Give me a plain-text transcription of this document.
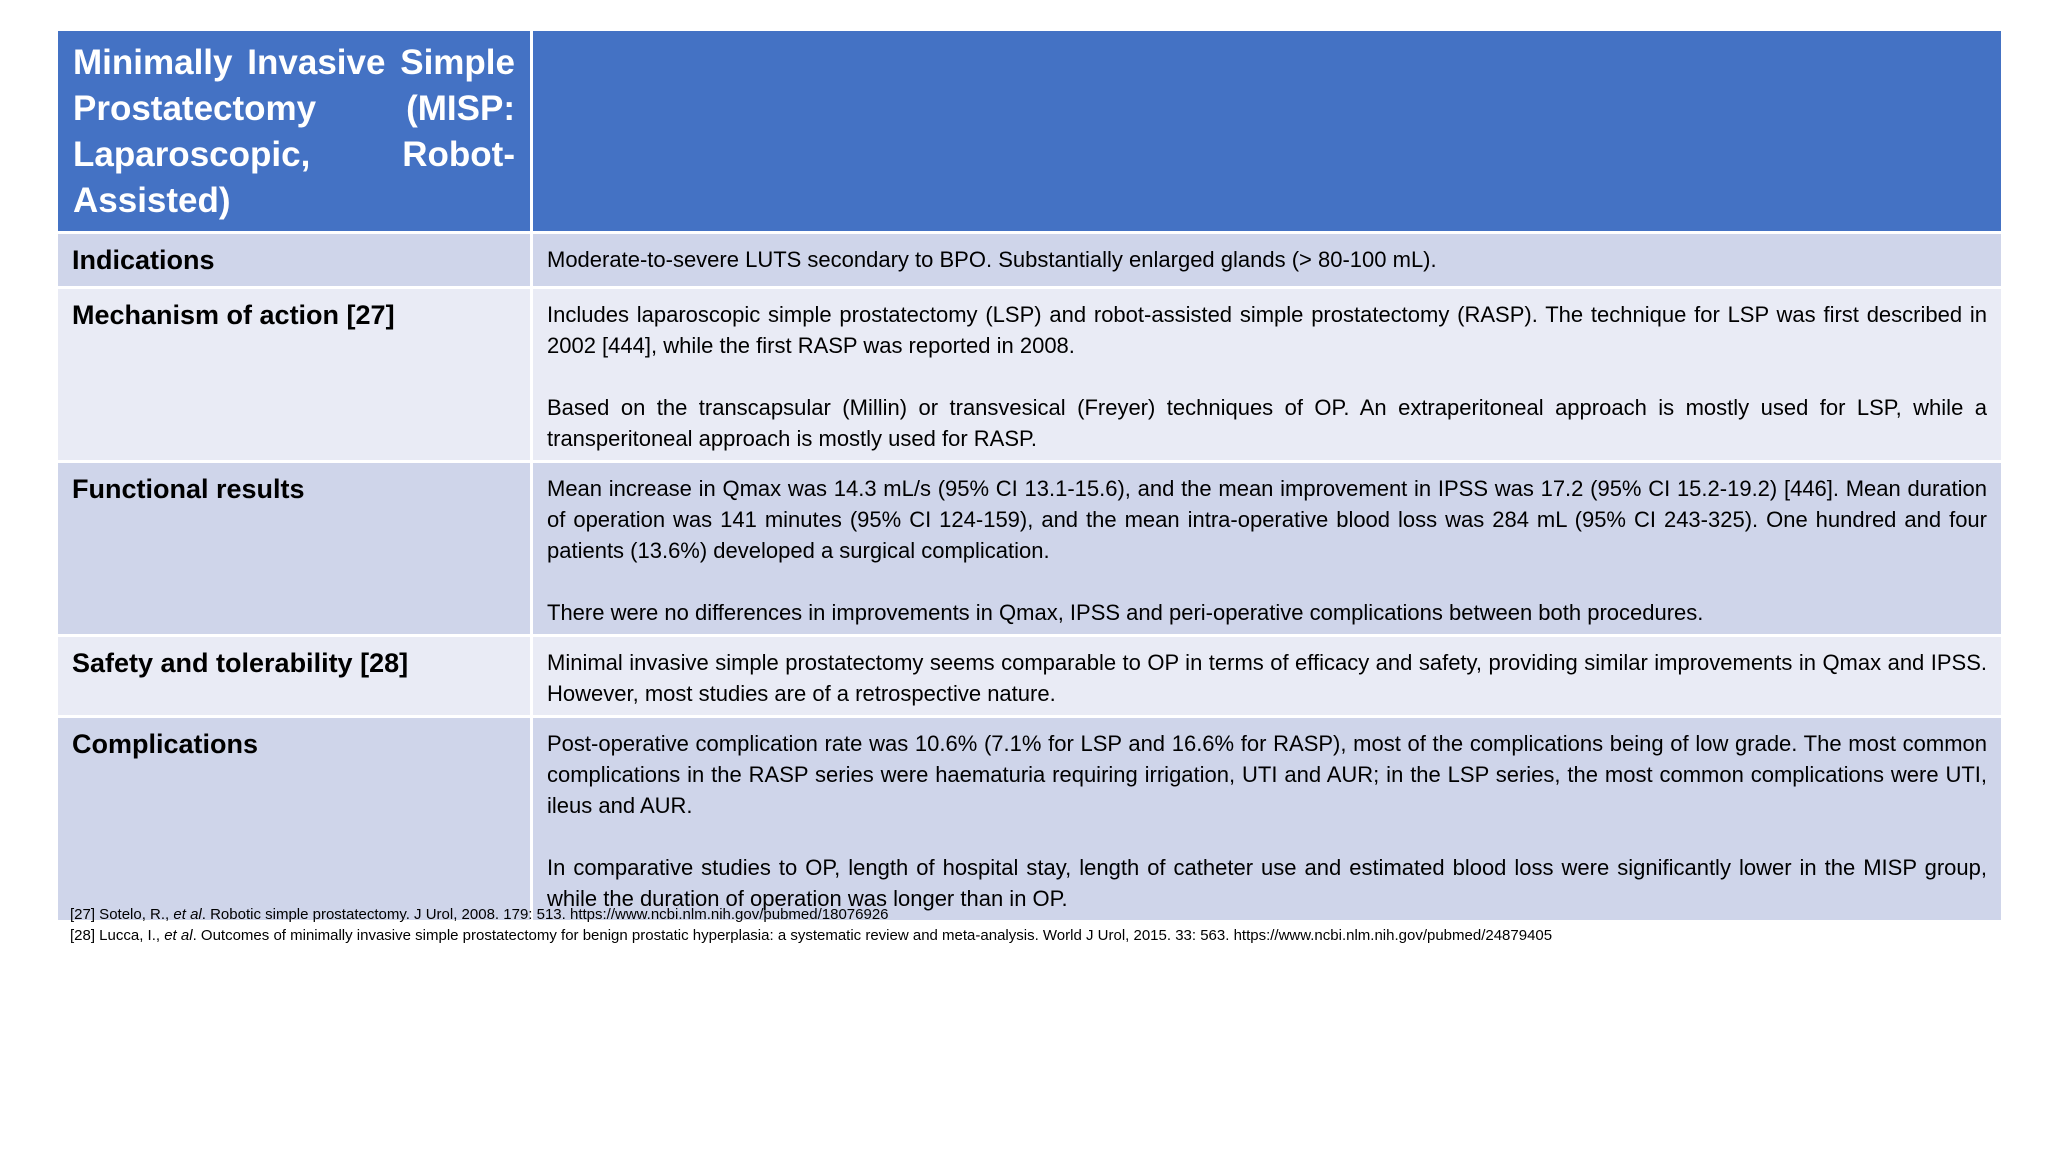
Minimally Invasive Simple Prostatectomy (MISP: Laparoscopic, Robot-Assisted)	

Indications	Moderate-to-severe LUTS secondary to BPO. Substantially enlarged glands (> 80-100 mL).

Mechanism of action [27]	Includes laparoscopic simple prostatectomy (LSP) and robot-assisted simple prostatectomy (RASP). The technique for LSP was first described in 2002 [444], while the first RASP was reported in 2008.

Based on the transcapsular (Millin) or transvesical (Freyer) techniques of OP. An extraperitoneal approach is mostly used for LSP, while a transperitoneal approach is mostly used for RASP.

Functional results	Mean increase in Qmax was 14.3 mL/s (95% CI 13.1-15.6), and the mean improvement in IPSS was 17.2 (95% CI 15.2-19.2) [446]. Mean duration of operation was 141 minutes (95% CI 124-159), and the mean intra-operative blood loss was 284 mL (95% CI 243-325). One hundred and four patients (13.6%) developed a surgical complication.

There were no differences in improvements in Qmax, IPSS and peri-operative complications between both procedures.

Safety and tolerability [28]	Minimal invasive simple prostatectomy seems comparable to OP in terms of efficacy and safety, providing similar improvements in Qmax and IPSS. However, most studies are of a retrospective nature.

Complications	Post-operative complication rate was 10.6% (7.1% for LSP and 16.6% for RASP), most of the complications being of low grade. The most common complications in the RASP series were haematuria requiring irrigation, UTI and AUR; in the LSP series, the most common complications were UTI, ileus and AUR.

In comparative studies to OP, length of hospital stay, length of catheter use and estimated blood loss were significantly lower in the MISP group, while the duration of operation was longer than in OP.

[27] Sotelo, R., et al. Robotic simple prostatectomy. J Urol, 2008. 179: 513. https://www.ncbi.nlm.nih.gov/pubmed/18076926
[28] Lucca, I., et al. Outcomes of minimally invasive simple prostatectomy for benign prostatic hyperplasia: a systematic review and meta-analysis. World J Urol, 2015. 33: 563. https://www.ncbi.nlm.nih.gov/pubmed/24879405
